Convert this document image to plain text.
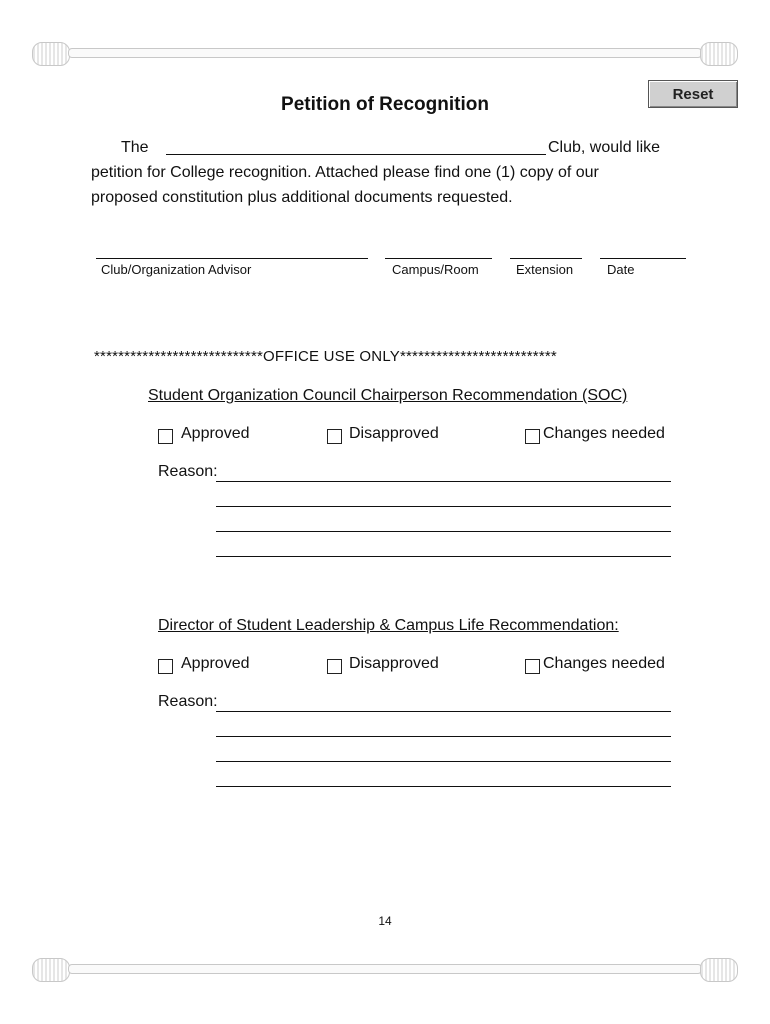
Reset
Petition of Recognition
The	Club, would like
petition for College recognition. Attached please find one (1) copy of our
proposed constitution plus additional documents requested.
Club/Organization Advisor	Campus/Room	Extension	Date
****************************OFFICE USE ONLY**************************
Student Organization Council Chairperson Recommendation (SOC)
Approved	Disapproved	Changes needed
Reason:
Director of Student Leadership & Campus Life Recommendation:
Approved	Disapproved	Changes needed
Reason:
14
